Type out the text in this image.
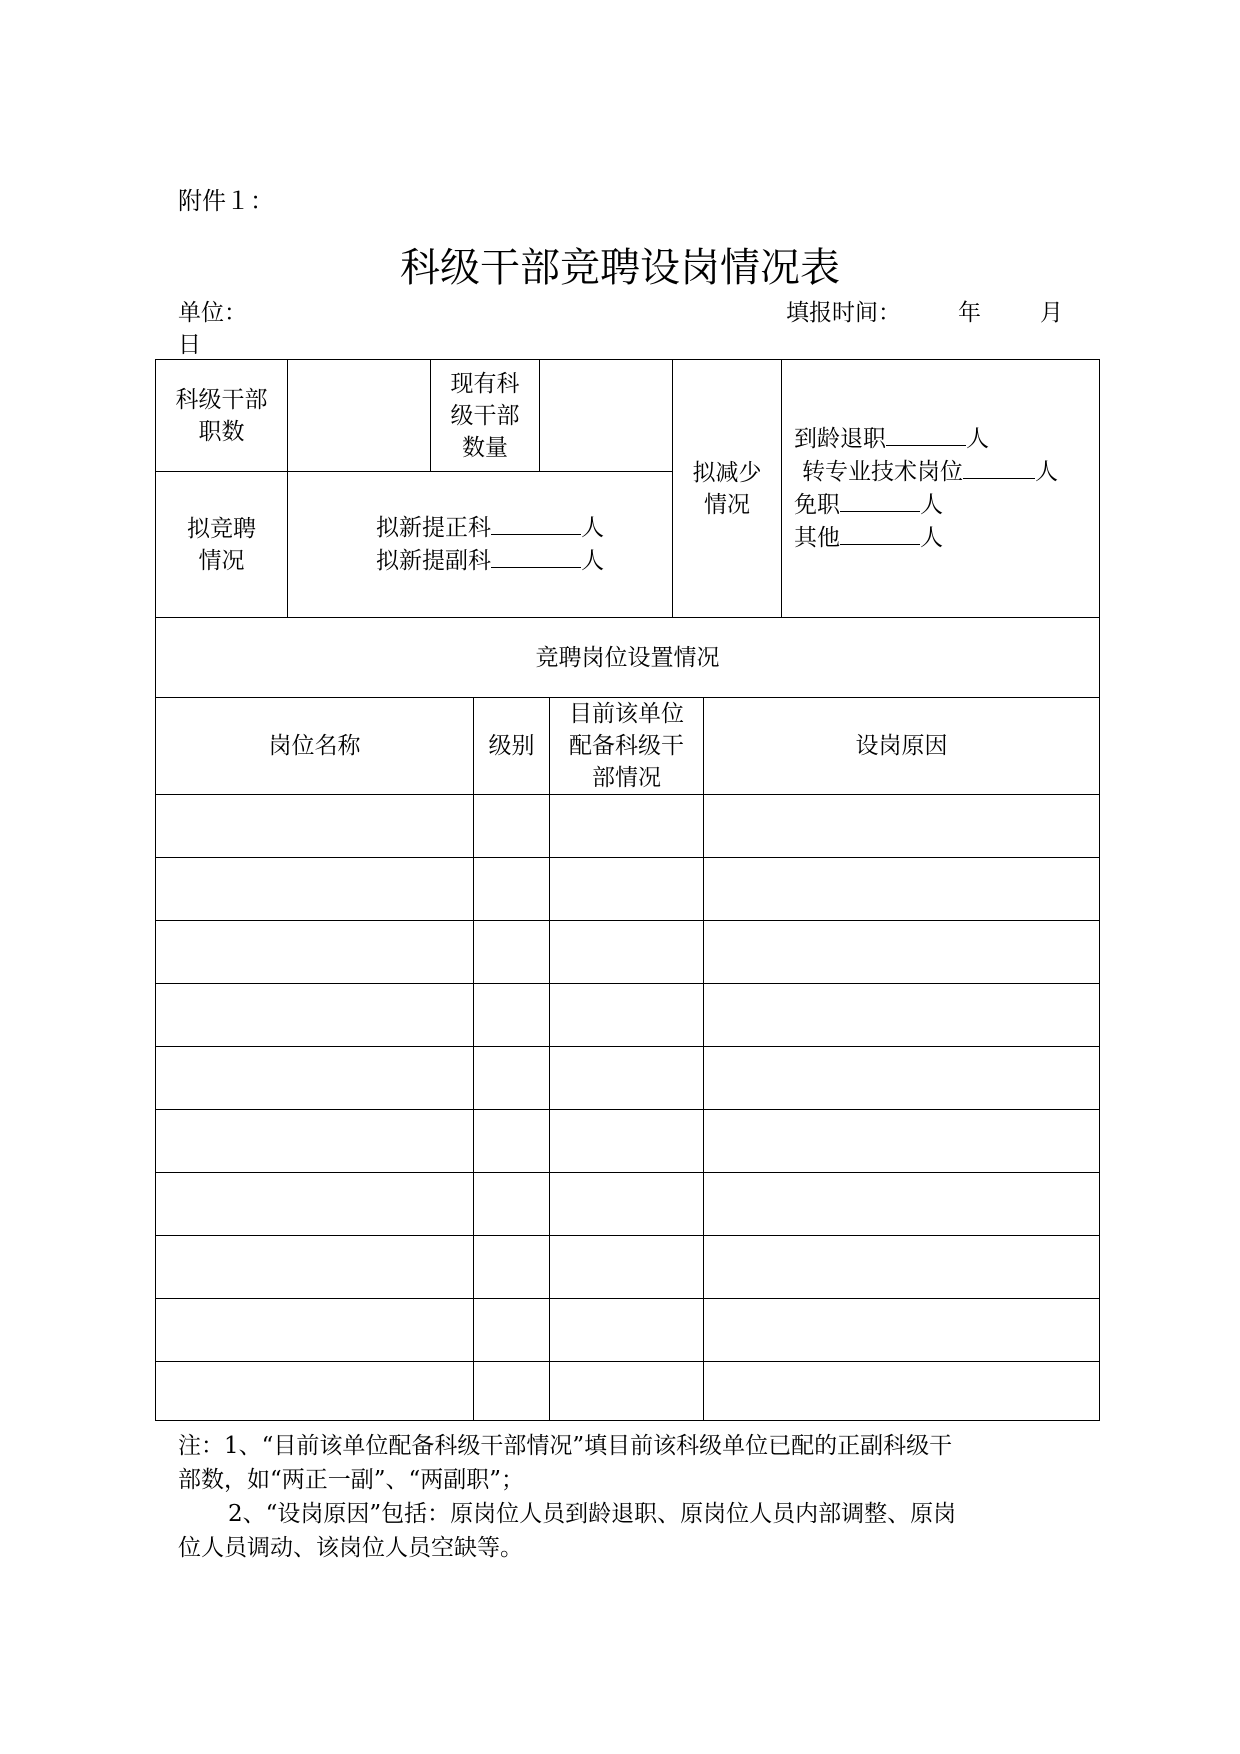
附件１：
科级干部竞聘设岗情况表
单位：	填报时间： 年	月
日
科级干部职数		现有科级干部数量		拟减少情况	到龄退职 人
转专业技术岗位 人
免职 人
其他 人

拟竞聘情况	拟新提正科 人
拟新提副科 人				
竞聘岗位设置情况			
岗位名称	级别	目前该单位配备科级干部情况	设岗原因

注：1、“目前该单位配备科级干部情况”填目前该科级单位已配的正副科级干
部数，如“两正一副”、“两副职”；
2、“设岗原因”包括：原岗位人员到龄退职、原岗位人员内部调整、原岗
位人员调动、该岗位人员空缺等。
